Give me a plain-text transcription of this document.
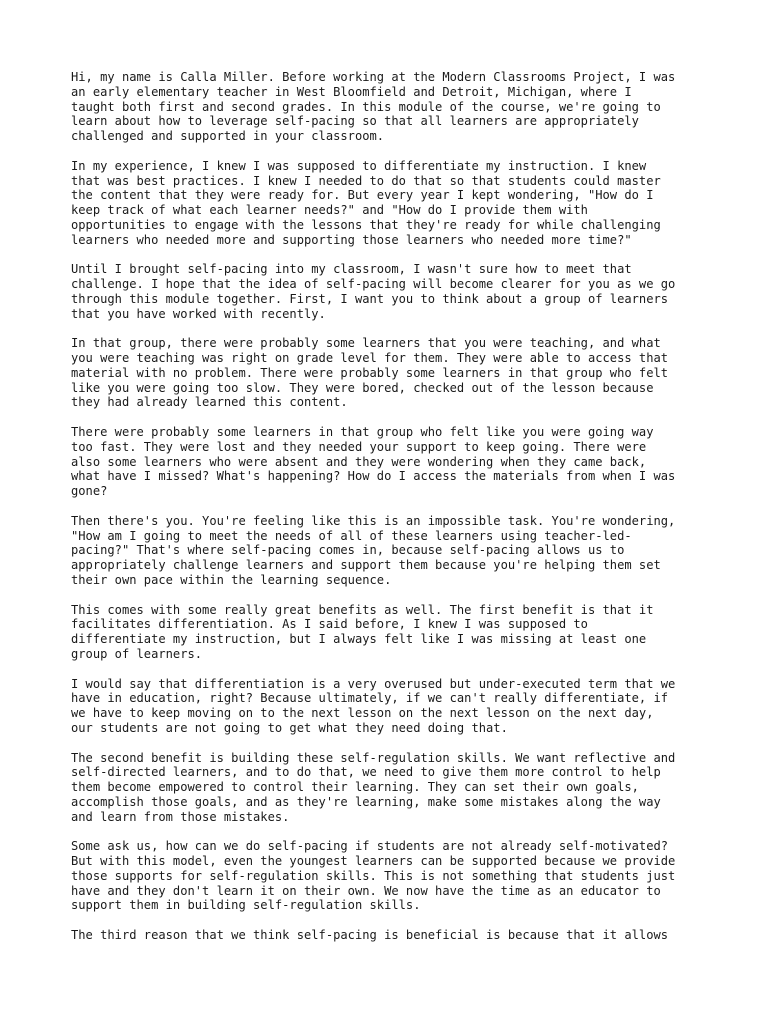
Hi, my name is Calla Miller. Before working at the Modern Classrooms Project, I was
an early elementary teacher in West Bloomfield and Detroit, Michigan, where I
taught both first and second grades. In this module of the course, we're going to
learn about how to leverage self-pacing so that all learners are appropriately
challenged and supported in your classroom.

In my experience, I knew I was supposed to differentiate my instruction. I knew
that was best practices. I knew I needed to do that so that students could master
the content that they were ready for. But every year I kept wondering, "How do I
keep track of what each learner needs?" and "How do I provide them with
opportunities to engage with the lessons that they're ready for while challenging
learners who needed more and supporting those learners who needed more time?"

Until I brought self-pacing into my classroom, I wasn't sure how to meet that
challenge. I hope that the idea of self-pacing will become clearer for you as we go
through this module together. First, I want you to think about a group of learners
that you have worked with recently.

In that group, there were probably some learners that you were teaching, and what
you were teaching was right on grade level for them. They were able to access that
material with no problem. There were probably some learners in that group who felt
like you were going too slow. They were bored, checked out of the lesson because
they had already learned this content.

There were probably some learners in that group who felt like you were going way
too fast. They were lost and they needed your support to keep going. There were
also some learners who were absent and they were wondering when they came back,
what have I missed? What's happening? How do I access the materials from when I was
gone?

Then there's you. You're feeling like this is an impossible task. You're wondering,
"How am I going to meet the needs of all of these learners using teacher-led-
pacing?" That's where self-pacing comes in, because self-pacing allows us to
appropriately challenge learners and support them because you're helping them set
their own pace within the learning sequence.

This comes with some really great benefits as well. The first benefit is that it
facilitates differentiation. As I said before, I knew I was supposed to
differentiate my instruction, but I always felt like I was missing at least one
group of learners.

I would say that differentiation is a very overused but under-executed term that we
have in education, right? Because ultimately, if we can't really differentiate, if
we have to keep moving on to the next lesson on the next lesson on the next day,
our students are not going to get what they need doing that.

The second benefit is building these self-regulation skills. We want reflective and
self-directed learners, and to do that, we need to give them more control to help
them become empowered to control their learning. They can set their own goals,
accomplish those goals, and as they're learning, make some mistakes along the way
and learn from those mistakes.

Some ask us, how can we do self-pacing if students are not already self-motivated?
But with this model, even the youngest learners can be supported because we provide
those supports for self-regulation skills. This is not something that students just
have and they don't learn it on their own. We now have the time as an educator to
support them in building self-regulation skills.

The third reason that we think self-pacing is beneficial is because that it allows
